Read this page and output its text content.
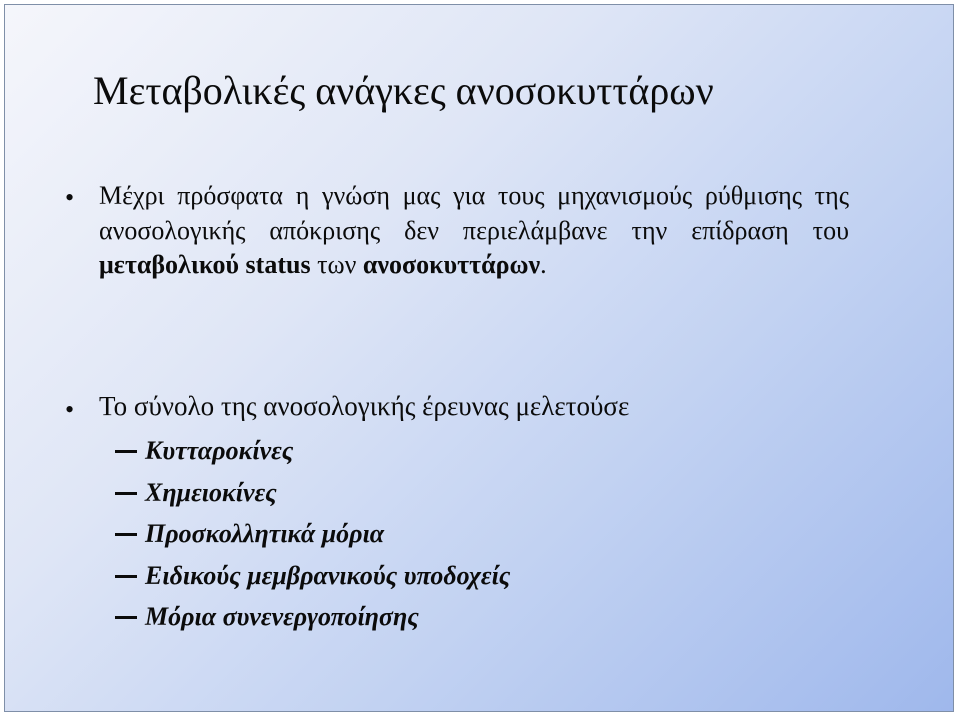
Μεταβολικές ανάγκες ανοσοκυττάρων
• Μέχρι πρόσφατα η γνώση μας για τους μηχανισμούς ρύθμισης της ανοσολογικής απόκρισης δεν περιελάμβανε την επίδραση του μεταβολικού status των ανοσοκυττάρων.

• Το σύνολο της ανοσολογικής έρευνας μελετούσε
Κυτταροκίνες
Χημειοκίνες
Προσκολλητικά μόρια
Ειδικούς μεμβρανικούς υποδοχείς
Μόρια συνενεργοποίησης
